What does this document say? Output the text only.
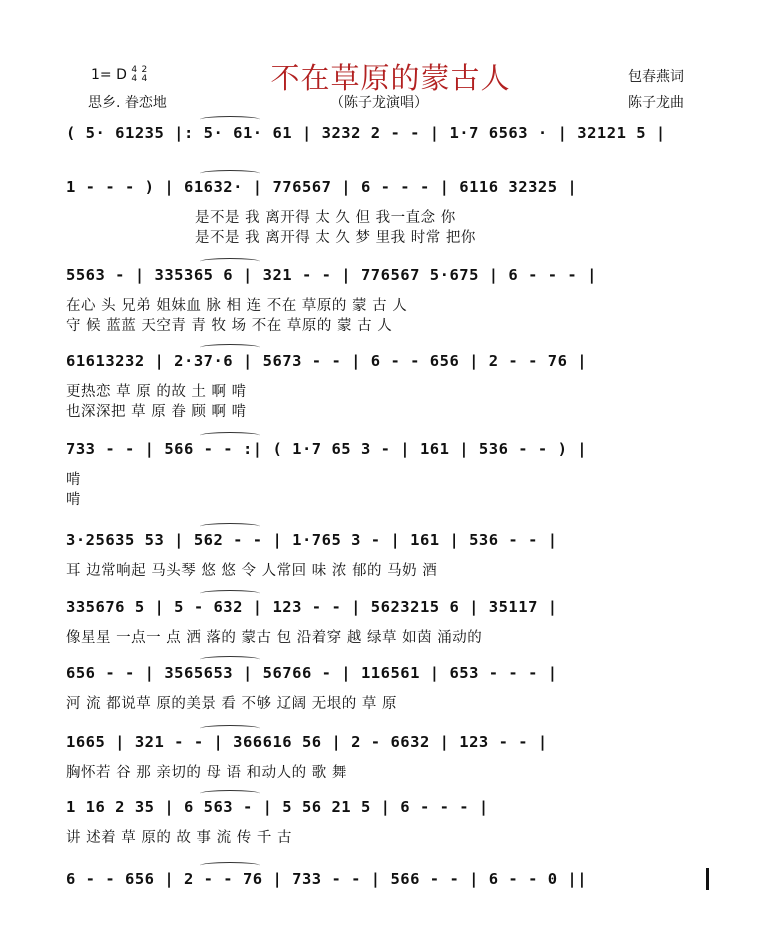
不在草原的蒙古人
1= D 4
4 2
4
思乡. 眷恋地	（陈子龙演唱）
包春燕词
陈子龙曲
( 5· 61235 |: 5· 61· 61 | 3232 2 - - | 1·7 6563 · | 32121 5 |
1 - - - ) | 61632· | 776567 | 6 - - - | 6116 32325 |
是不是 我 离开得 太 久 但 我一直念 你
是不是 我 离开得 太 久 梦 里我 时常 把你
5563 - | 335365 6 | 321 - - | 776567 5·675 | 6 - - - |
在心 头 兄弟 姐妹血 脉 相 连 不在 草原的 蒙 古 人
守 候 蓝蓝 天空青 青 牧 场 不在 草原的 蒙 古 人
61613232 | 2·37·6 | 5673 - - | 6 - - 656 | 2 - - 76 |
更热恋 草 原 的故 土 啊 啃
也深深把 草 原 眷 顾 啊 啃
733 - - | 566 - - :| ( 1·7 65 3 - | 161 | 536 - - ) |
啃
啃
3·25635 53 | 562 - - | 1·765 3 - | 161 | 536 - - |
耳 边常响起 马头琴 悠 悠 令 人常回 味 浓 郁的 马奶 酒
335676 5 | 5 - 632 | 123 - - | 5623215 6 | 35117 |
像星星 一点一 点 洒 落的 蒙古 包 沿着穿 越 绿草 如茵 涌动的
656 - - | 3565653 | 56766 - | 116561 | 653 - - - |
河 流 都说草 原的美景 看 不够 辽阔 无垠的 草 原
1665 | 321 - - | 366616 56 | 2 - 6632 | 123 - - |
胸怀若 谷 那 亲切的 母 语 和动人的 歌 舞
1 16 2 35 | 6 563 - | 5 56 21 5 | 6 - - - |
讲 述着 草 原的 故 事 流 传 千 古
6 - - 656 | 2 - - 76 | 733 - - | 566 - - | 6 - - 0 ||
